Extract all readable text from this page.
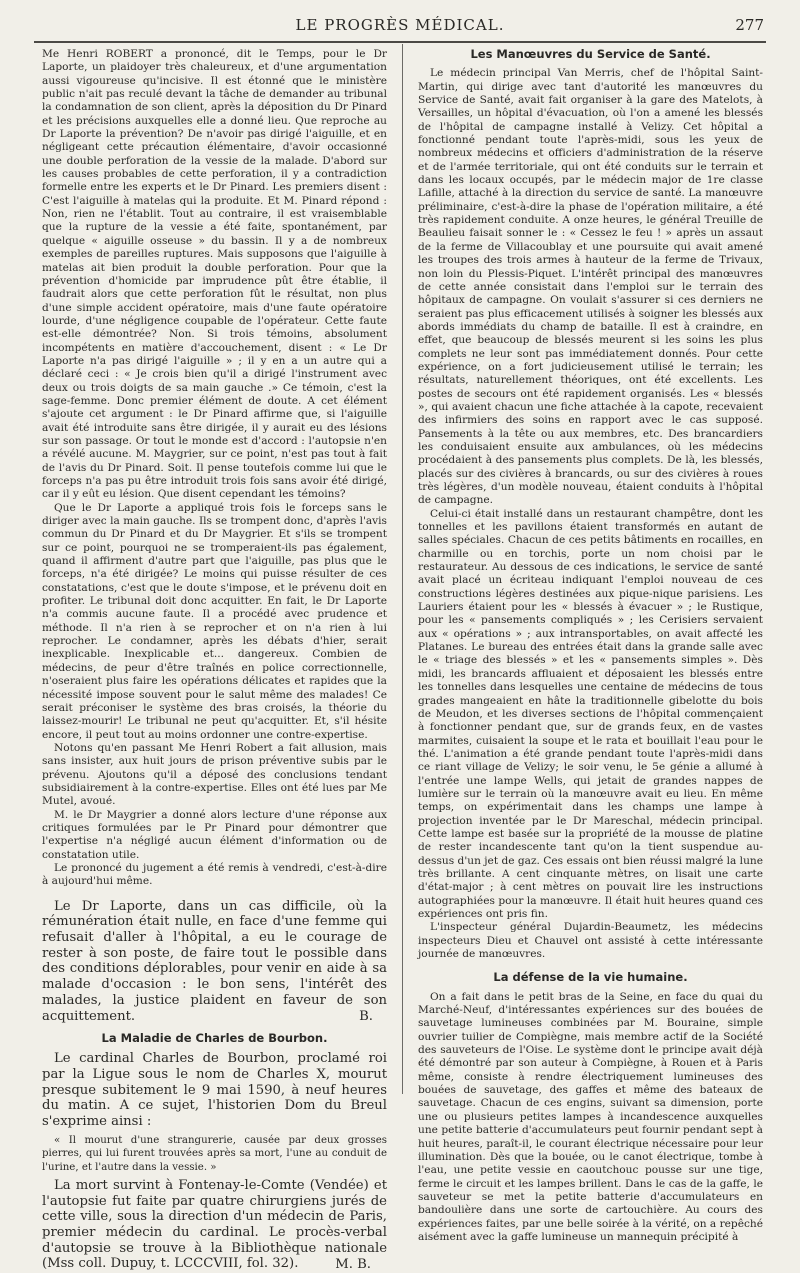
LE PROGRÈS MÉDICAL.	277

Me Henri ROBERT a prononcé, dit le Temps, pour le Dr Laporte, un plaidoyer très chaleureux, et d'une argumentation aussi vigoureuse qu'incisive. Il est étonné que le ministère public n'ait pas reculé devant la tâche de demander au tribunal la condamnation de son client, après la déposition du Dr Pinard et les précisions auxquelles elle a donné lieu. Que reproche au Dr Laporte la prévention? De n'avoir pas dirigé l'aiguille, et en négligeant cette précaution élémentaire, d'avoir occasionné une double perforation de la vessie de la malade. D'abord sur les causes probables de cette perforation, il y a contradiction formelle entre les experts et le Dr Pinard. Les premiers disent : C'est l'aiguille à matelas qui la produite. Et M. Pinard répond : Non, rien ne l'établit. Tout au contraire, il est vraisemblable que la rupture de la vessie a été faite, spontanément, par quelque « aiguille osseuse » du bassin. Il y a de nombreux exemples de pareilles ruptures. Mais supposons que l'aiguille à matelas ait bien produit la double perforation. Pour que la prévention d'homicide par imprudence pût être établie, il faudrait alors que cette perforation fût le résultat, non plus d'une simple accident opératoire, mais d'une faute opératoire lourde, d'une négligence coupable de l'opérateur. Cette faute est-elle démontrée? Non. Si trois témoins, absolument incompétents en matière d'accouchement, disent : « Le Dr Laporte n'a pas dirigé l'aiguille » ; il y en a un autre qui a déclaré ceci : « Je crois bien qu'il a dirigé l'instrument avec deux ou trois doigts de sa main gauche .» Ce témoin, c'est la sage-femme. Donc premier élément de doute. A cet élément s'ajoute cet argument : le Dr Pinard affirme que, si l'aiguille avait été introduite sans être dirigée, il y aurait eu des lésions sur son passage. Or tout le monde est d'accord : l'autopsie n'en a révélé aucune. M. Maygrier, sur ce point, n'est pas tout à fait de l'avis du Dr Pinard. Soit. Il pense toutefois comme lui que le forceps n'a pas pu être introduit trois fois sans avoir été dirigé, car il y eût eu lésion. Que disent cependant les témoins?

Que le Dr Laporte a appliqué trois fois le forceps sans le diriger avec la main gauche. Ils se trompent donc, d'après l'avis commun du Dr Pinard et du Dr Maygrier. Et s'ils se trompent sur ce point, pourquoi ne se tromperaient-ils pas également, quand il affirment d'autre part que l'aiguille, pas plus que le forceps, n'a été dirigée? Le moins qui puisse résulter de ces constatations, c'est que le doute s'impose, et le prévenu doit en profiter. Le tribunal doit donc acquitter. En fait, le Dr Laporte n'a commis aucune faute. Il a procédé avec prudence et méthode. Il n'a rien à se reprocher et on n'a rien à lui reprocher. Le condamner, après les débats d'hier, serait inexplicable. Inexplicable et... dangereux. Combien de médecins, de peur d'être traînés en police correctionnelle, n'oseraient plus faire les opérations délicates et rapides que la nécessité impose souvent pour le salut même des malades! Ce serait préconiser le système des bras croisés, la théorie du laissez-mourir! Le tribunal ne peut qu'acquitter. Et, s'il hésite encore, il peut tout au moins ordonner une contre-expertise.

Notons qu'en passant Me Henri Robert a fait allusion, mais sans insister, aux huit jours de prison préventive subis par le prévenu. Ajoutons qu'il a déposé des conclusions tendant subsidiairement à la contre-expertise. Elles ont été lues par Me Mutel, avoué.

M. le Dr Maygrier a donné alors lecture d'une réponse aux critiques formulées par le Pr Pinard pour démontrer que l'expertise n'a négligé aucun élément d'information ou de constatation utile.

Le prononcé du jugement a été remis à vendredi, c'est-à-dire à aujourd'hui même.

Le Dr Laporte, dans un cas difficile, où la rémunération était nulle, en face d'une femme qui refusait d'aller à l'hôpital, a eu le courage de rester à son poste, de faire tout le possible dans des conditions déplorables, pour venir en aide à sa malade d'occasion : le bon sens, l'intérêt des malades, la justice plaident en faveur de son acquittement.	B.
La Maladie de Charles de Bourbon.

Le cardinal Charles de Bourbon, proclamé roi par la Ligue sous le nom de Charles X, mourut presque subitement le 9 mai 1590, à neuf heures du matin. A ce sujet, l'historien Dom du Breul s'exprime ainsi :

« Il mourut d'une strangurerie, causée par deux grosses pierres, qui lui furent trouvées après sa mort, l'une au conduit de l'urine, et l'autre dans la vessie. »

La mort survint à Fontenay-le-Comte (Vendée) et l'autopsie fut faite par quatre chirurgiens jurés de cette ville, sous la direction d'un médecin de Paris, premier médecin du cardinal. Le procès-verbal d'autopsie se trouve à la Bibliothèque nationale (Mss coll. Dupuy, t. LCCCVIII, fol. 32).	M. B.
Les Manœuvres du Service de Santé.

Le médecin principal Van Merris, chef de l'hôpital Saint-Martin, qui dirige avec tant d'autorité les manœuvres du Service de Santé, avait fait organiser à la gare des Matelots, à Versailles, un hôpital d'évacuation, où l'on a amené les blessés de l'hôpital de campagne installé à Velizy. Cet hôpital a fonctionné pendant toute l'après-midi, sous les yeux de nombreux médecins et officiers d'administration de la réserve et de l'armée territoriale, qui ont été conduits sur le terrain et dans les locaux occupés, par le médecin major de 1re classe Lafille, attaché à la direction du service de santé. La manœuvre préliminaire, c'est-à-dire la phase de l'opération militaire, a été très rapidement conduite. A onze heures, le général Treuille de Beaulieu faisait sonner le : « Cessez le feu ! » après un assaut de la ferme de Villacoublay et une poursuite qui avait amené les troupes des trois armes à hauteur de la ferme de Trivaux, non loin du Plessis-Piquet. L'intérêt principal des manœuvres de cette année consistait dans l'emploi sur le terrain des hôpitaux de campagne. On voulait s'assurer si ces derniers ne seraient pas plus efficacement utilisés à soigner les blessés aux abords immédiats du champ de bataille. Il est à craindre, en effet, que beaucoup de blessés meurent si les soins les plus complets ne leur sont pas immédiatement donnés. Pour cette expérience, on a fort judicieusement utilisé le terrain; les résultats, naturellement théoriques, ont été excellents. Les postes de secours ont été rapidement organisés. Les « blessés », qui avaient chacun une fiche attachée à la capote, recevaient des infirmiers des soins en rapport avec le cas supposé. Pansements à la tête ou aux membres, etc. Des brancardiers les conduisaient ensuite aux ambulances, où les médecins procédaient à des pansements plus complets. De là, les blessés, placés sur des civières à brancards, ou sur des civières à roues très légères, d'un modèle nouveau, étaient conduits à l'hôpital de campagne.

Celui-ci était installé dans un restaurant champêtre, dont les tonnelles et les pavillons étaient transformés en autant de salles spéciales. Chacun de ces petits bâtiments en rocailles, en charmille ou en torchis, porte un nom choisi par le restaurateur. Au dessous de ces indications, le service de santé avait placé un écriteau indiquant l'emploi nouveau de ces constructions légères destinées aux pique-nique parisiens. Les Lauriers étaient pour les « blessés à évacuer » ; le Rustique, pour les « pansements compliqués » ; les Cerisiers servaient aux « opérations » ; aux intransportables, on avait affecté les Platanes. Le bureau des entrées était dans la grande salle avec le « triage des blessés » et les « pansements simples ». Dès midi, les brancards affluaient et déposaient les blessés entre les tonnelles dans lesquelles une centaine de médecins de tous grades mangeaient en hâte la traditionnelle gibelotte du bois de Meudon, et les diverses sections de l'hôpital commençaient à fonctionner pendant que, sur de grands feux, en de vastes marmites, cuisaient la soupe et le rata et bouillait l'eau pour le thé. L'animation a été grande pendant toute l'après-midi dans ce riant village de Velizy; le soir venu, le 5e génie a allumé à l'entrée une lampe Wells, qui jetait de grandes nappes de lumière sur le terrain où la manœuvre avait eu lieu. En même temps, on expérimentait dans les champs une lampe à projection inventée par le Dr Mareschal, médecin principal. Cette lampe est basée sur la propriété de la mousse de platine de rester incandescente tant qu'on la tient suspendue au-dessus d'un jet de gaz. Ces essais ont bien réussi malgré la lune très brillante. A cent cinquante mètres, on lisait une carte d'état-major ; à cent mètres on pouvait lire les instructions autographiées pour la manœuvre. Il était huit heures quand ces expériences ont pris fin.

L'inspecteur général Dujardin-Beaumetz, les médecins inspecteurs Dieu et Chauvel ont assisté à cette intéressante journée de manœuvres.

La défense de la vie humaine.

On a fait dans le petit bras de la Seine, en face du quai du Marché-Neuf, d'intéressantes expériences sur des bouées de sauvetage lumineuses combinées par M. Bouraine, simple ouvrier tuilier de Compiègne, mais membre actif de la Société des sauveteurs de l'Oise. Le système dont le principe avait déjà été démontré par son auteur à Compiègne, à Rouen et à Paris même, consiste à rendre électriquement lumineuses des bouées de sauvetage, des gaffes et même des bateaux de sauvetage. Chacun de ces engins, suivant sa dimension, porte une ou plusieurs petites lampes à incandescence auxquelles une petite batterie d'accumulateurs peut fournir pendant sept à huit heures, paraît-il, le courant électrique nécessaire pour leur illumination. Dès que la bouée, ou le canot électrique, tombe à l'eau, une petite vessie en caoutchouc pousse sur une tige, ferme le circuit et les lampes brillent. Dans le cas de la gaffe, le sauveteur se met la petite batterie d'accumulateurs en bandoulière dans une sorte de cartouchière. Au cours des expériences faites, par une belle soirée à la vérité, on a repêché aisément avec la gaffe lumineuse un mannequin précipité à
